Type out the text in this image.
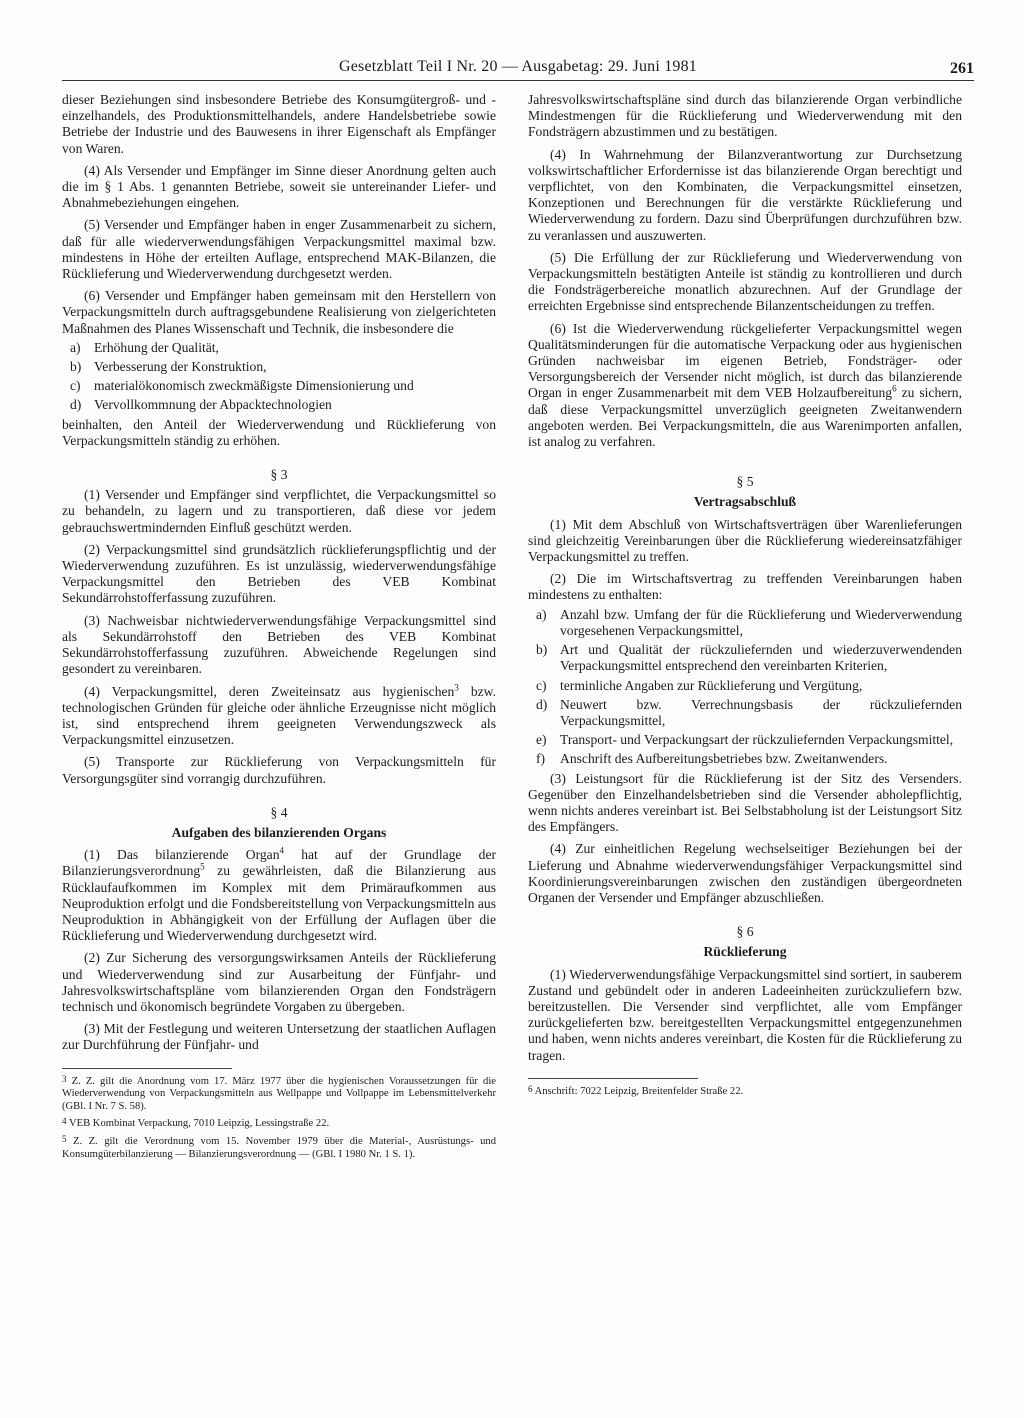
Gesetzblatt Teil I Nr. 20 — Ausgabetag: 29. Juni 1981	261

dieser Beziehungen sind insbesondere Betriebe des Konsumgütergroß- und -einzelhandels, des Produktionsmittelhandels, andere Handelsbetriebe sowie Betriebe der Industrie und des Bauwesens in ihrer Eigenschaft als Empfänger von Waren.

(4) Als Versender und Empfänger im Sinne dieser Anordnung gelten auch die im § 1 Abs. 1 genannten Betriebe, soweit sie untereinander Liefer- und Abnahmebeziehungen eingehen.

(5) Versender und Empfänger haben in enger Zusammenarbeit zu sichern, daß für alle wiederverwendungsfähigen Verpackungsmittel maximal bzw. mindestens in Höhe der erteilten Auflage, entsprechend MAK-Bilanzen, die Rücklieferung und Wiederverwendung durchgesetzt werden.

(6) Versender und Empfänger haben gemeinsam mit den Herstellern von Verpackungsmitteln durch auftragsgebundene Realisierung von zielgerichteten Maßnahmen des Planes Wissenschaft und Technik, die insbesondere die

a) Erhöhung der Qualität,
b) Verbesserung der Konstruktion,
c) materialökonomisch zweckmäßigste Dimensionierung und
d) Vervollkommnung der Abpacktechnologien

beinhalten, den Anteil der Wiederverwendung und Rücklieferung von Verpackungsmitteln ständig zu erhöhen.

§ 3

(1) Versender und Empfänger sind verpflichtet, die Verpackungsmittel so zu behandeln, zu lagern und zu transportieren, daß diese vor jedem gebrauchswertmindernden Einfluß geschützt werden.

(2) Verpackungsmittel sind grundsätzlich rücklieferungspflichtig und der Wiederverwendung zuzuführen. Es ist unzulässig, wiederverwendungsfähige Verpackungsmittel den Betrieben des VEB Kombinat Sekundärrohstofferfassung zuzuführen.

(3) Nachweisbar nichtwiederverwendungsfähige Verpackungsmittel sind als Sekundärrohstoff den Betrieben des VEB Kombinat Sekundärrohstofferfassung zuzuführen. Abweichende Regelungen sind gesondert zu vereinbaren.

(4) Verpackungsmittel, deren Zweiteinsatz aus hygienischen$^3$ bzw. technologischen Gründen für gleiche oder ähnliche Erzeugnisse nicht möglich ist, sind entsprechend ihrem geeigneten Verwendungszweck als Verpackungsmittel einzusetzen.

(5) Transporte zur Rücklieferung von Verpackungsmitteln für Versorgungsgüter sind vorrangig durchzuführen.

§ 4
Aufgaben des bilanzierenden Organs

(1) Das bilanzierende Organ$^4$ hat auf der Grundlage der Bilanzierungsverordnung$^5$ zu gewährleisten, daß die Bilanzierung aus Rücklaufaufkommen im Komplex mit dem Primäraufkommen aus Neuproduktion erfolgt und die Fondsbereitstellung von Verpackungsmitteln aus Neuproduktion in Abhängigkeit von der Erfüllung der Auflagen über die Rücklieferung und Wiederverwendung durchgesetzt wird.

(2) Zur Sicherung des versorgungswirksamen Anteils der Rücklieferung und Wiederverwendung sind zur Ausarbeitung der Fünfjahr- und Jahresvolkswirtschaftspläne vom bilanzierenden Organ den Fondsträgern technisch und ökonomisch begründete Vorgaben zu übergeben.

(3) Mit der Festlegung und weiteren Untersetzung der staatlichen Auflagen zur Durchführung der Fünfjahr- und

3 Z. Z. gilt die Anordnung vom 17. März 1977 über die hygienischen Voraussetzungen für die Wiederverwendung von Verpackungsmitteln aus Wellpappe und Vollpappe im Lebensmittelverkehr (GBl. I Nr. 7 S. 58).

4 VEB Kombinat Verpackung, 7010 Leipzig, Lessingstraße 22.

5 Z. Z. gilt die Verordnung vom 15. November 1979 über die Material-, Ausrüstungs- und Konsumgüterbilanzierung — Bilanzierungsverordnung — (GBl. I 1980 Nr. 1 S. 1).

Jahresvolkswirtschaftspläne sind durch das bilanzierende Organ verbindliche Mindestmengen für die Rücklieferung und Wiederverwendung mit den Fondsträgern abzustimmen und zu bestätigen.

(4) In Wahrnehmung der Bilanzverantwortung zur Durchsetzung volkswirtschaftlicher Erfordernisse ist das bilanzierende Organ berechtigt und verpflichtet, von den Kombinaten, die Verpackungsmittel einsetzen, Konzeptionen und Berechnungen für die verstärkte Rücklieferung und Wiederverwendung zu fordern. Dazu sind Überprüfungen durchzuführen bzw. zu veranlassen und auszuwerten.

(5) Die Erfüllung der zur Rücklieferung und Wiederverwendung von Verpackungsmitteln bestätigten Anteile ist ständig zu kontrollieren und durch die Fondsträgerbereiche monatlich abzurechnen. Auf der Grundlage der erreichten Ergebnisse sind entsprechende Bilanzentscheidungen zu treffen.

(6) Ist die Wiederverwendung rückgelieferter Verpackungsmittel wegen Qualitätsminderungen für die automatische Verpackung oder aus hygienischen Gründen nachweisbar im eigenen Betrieb, Fondsträger- oder Versorgungsbereich der Versender nicht möglich, ist durch das bilanzierende Organ in enger Zusammenarbeit mit dem VEB Holzaufbereitung$^6$ zu sichern, daß diese Verpackungsmittel unverzüglich geeigneten Zweitanwendern angeboten werden. Bei Verpackungsmitteln, die aus Warenimporten anfallen, ist analog zu verfahren.

§ 5
Vertragsabschluß

(1) Mit dem Abschluß von Wirtschaftsverträgen über Warenlieferungen sind gleichzeitig Vereinbarungen über die Rücklieferung wiedereinsatzfähiger Verpackungsmittel zu treffen.

(2) Die im Wirtschaftsvertrag zu treffenden Vereinbarungen haben mindestens zu enthalten:

a) Anzahl bzw. Umfang der für die Rücklieferung und Wiederverwendung vorgesehenen Verpackungsmittel,
b) Art und Qualität der rückzuliefernden und wiederzuverwendenden Verpackungsmittel entsprechend den vereinbarten Kriterien,
c) terminliche Angaben zur Rücklieferung und Vergütung,
d) Neuwert bzw. Verrechnungsbasis der rückzuliefernden Verpackungsmittel,
e) Transport- und Verpackungsart der rückzuliefernden Verpackungsmittel,
f) Anschrift des Aufbereitungsbetriebes bzw. Zweitanwenders.

(3) Leistungsort für die Rücklieferung ist der Sitz des Versenders. Gegenüber den Einzelhandelsbetrieben sind die Versender abholepflichtig, wenn nichts anderes vereinbart ist. Bei Selbstabholung ist der Leistungsort Sitz des Empfängers.

(4) Zur einheitlichen Regelung wechselseitiger Beziehungen bei der Lieferung und Abnahme wiederverwendungsfähiger Verpackungsmittel sind Koordinierungsvereinbarungen zwischen den zuständigen übergeordneten Organen der Versender und Empfänger abzuschließen.

§ 6
Rücklieferung

(1) Wiederverwendungsfähige Verpackungsmittel sind sortiert, in sauberem Zustand und gebündelt oder in anderen Ladeeinheiten zurückzuliefern bzw. bereitzustellen. Die Versender sind verpflichtet, alle vom Empfänger zurückgelieferten bzw. bereitgestellten Verpackungsmittel entgegenzunehmen und haben, wenn nichts anderes vereinbart, die Kosten für die Rücklieferung zu tragen.

6 Anschrift: 7022 Leipzig, Breitenfelder Straße 22.
